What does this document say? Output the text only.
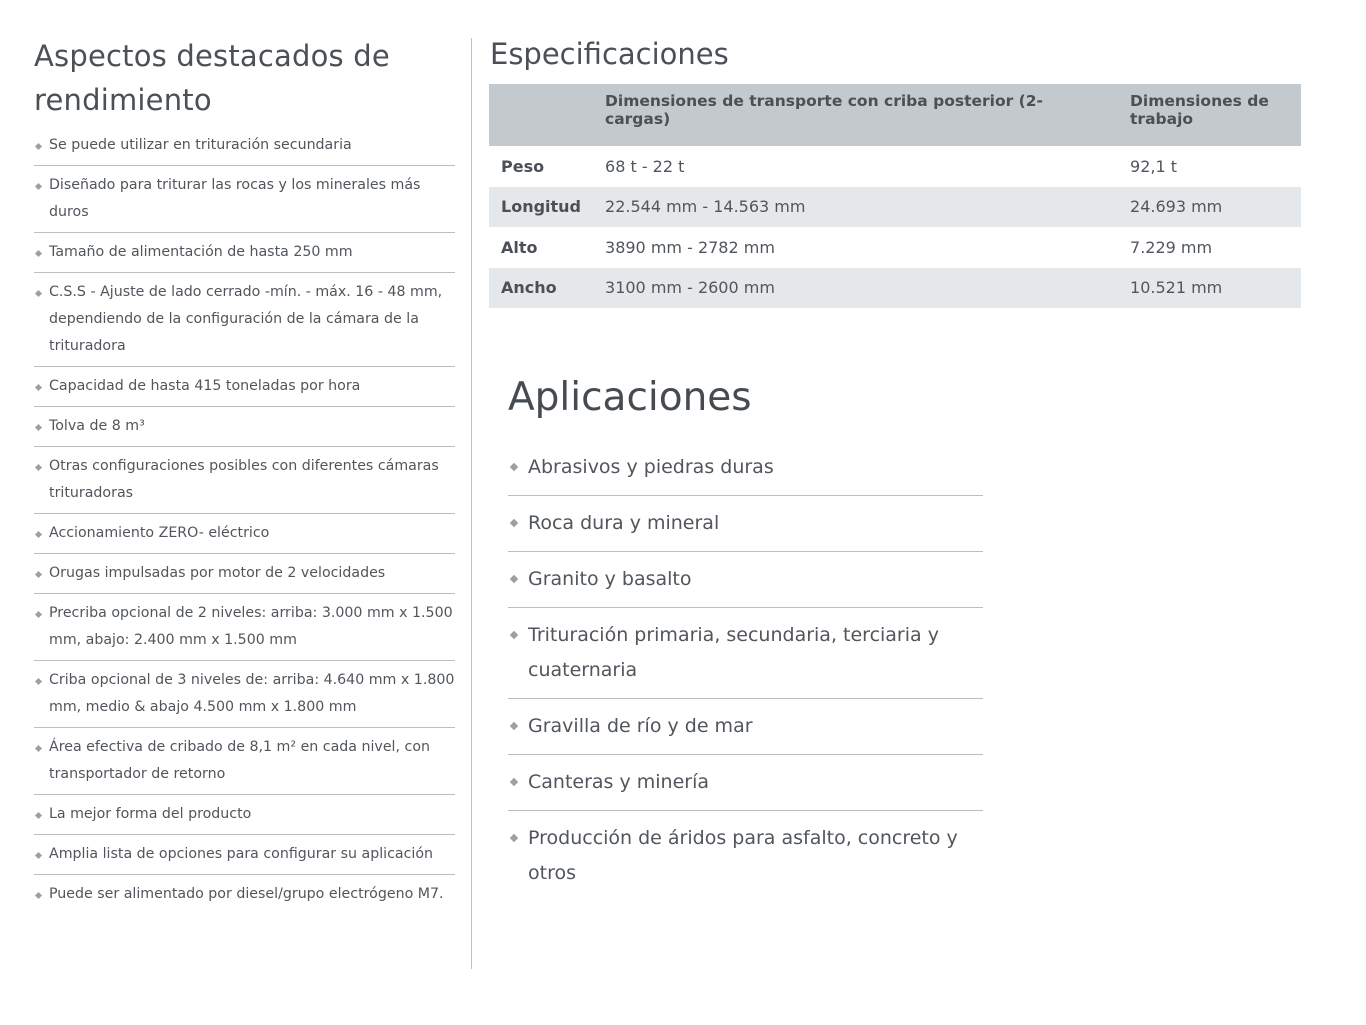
Aspectos destacados de rendimiento
Se puede utilizar en trituración secundaria
Diseñado para triturar las rocas y los minerales más duros
Tamaño de alimentación de hasta 250 mm
C.S.S - Ajuste de lado cerrado -mín. - máx. 16 - 48 mm, dependiendo de la configuración de la cámara de la trituradora
Capacidad de hasta 415 toneladas por hora
Tolva de 8 m³
Otras configuraciones posibles con diferentes cámaras trituradoras
Accionamiento ZERO- eléctrico
Orugas impulsadas por motor de 2 velocidades
Precriba opcional de 2 niveles: arriba: 3.000 mm x 1.500 mm, abajo: 2.400 mm x 1.500 mm
Criba opcional de 3 niveles de: arriba: 4.640 mm x 1.800 mm, medio & abajo 4.500 mm x 1.800 mm
Área efectiva de cribado de 8,1 m² en cada nivel, con transportador de retorno
La mejor forma del producto
Amplia lista de opciones para configurar su aplicación
Puede ser alimentado por diesel/grupo electrógeno M7.
Especificaciones
	Dimensiones de transporte con criba posterior (2-cargas)	Dimensiones de trabajo
Peso	68 t - 22 t	92,1 t
Longitud	22.544 mm - 14.563 mm	24.693 mm
Alto	3890 mm - 2782 mm	7.229 mm
Ancho	3100 mm - 2600 mm	10.521 mm
Aplicaciones
Abrasivos y piedras duras
Roca dura y mineral
Granito y basalto
Trituración primaria, secundaria, terciaria y cuaternaria
Gravilla de río y de mar
Canteras y minería
Producción de áridos para asfalto, concreto y otros
